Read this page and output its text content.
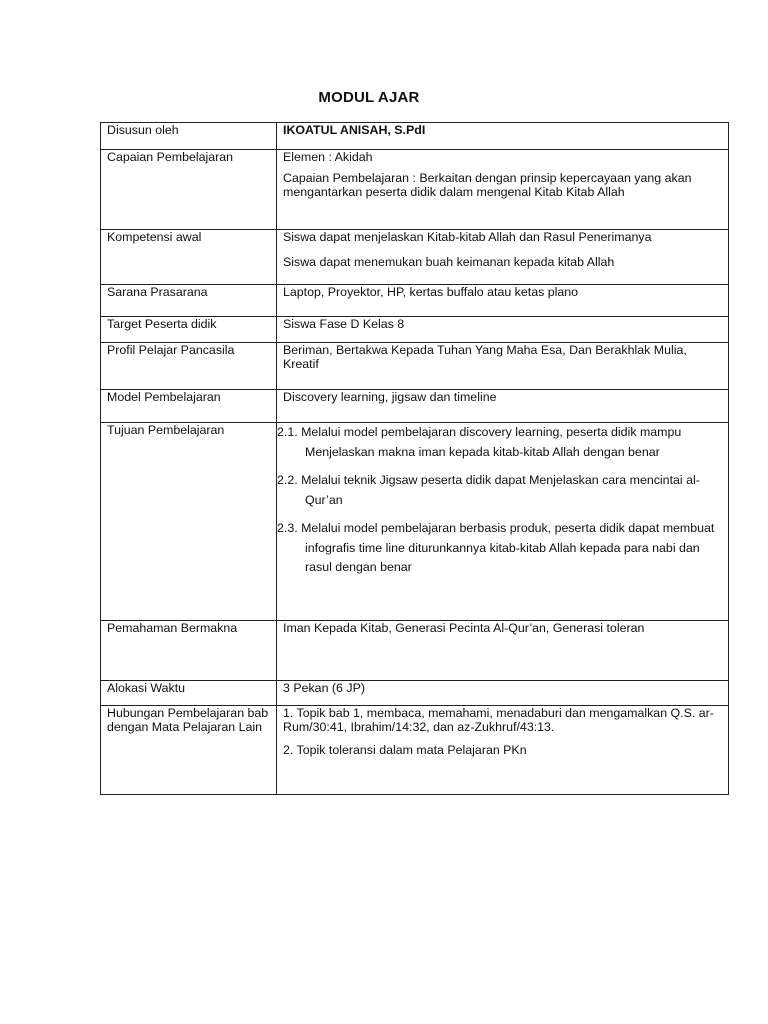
MODUL AJAR
Disusun oleh	IKOATUL ANISAH, S.PdI
Capaian Pembelajaran	Elemen : Akidah

Capaian Pembelajaran : Berkaitan dengan prinsip kepercayaan yang akan mengantarkan peserta didik dalam mengenal Kitab Kitab Allah

Kompetensi awal	Siswa dapat menjelaskan Kitab-kitab Allah dan Rasul Penerimanya

Siswa dapat menemukan buah keimanan kepada kitab Allah

Sarana Prasarana	Laptop, Proyektor, HP, kertas buffalo atau ketas plano
Target Peserta didik	Siswa Fase D Kelas 8
Profil Pelajar Pancasila	Beriman, Bertakwa Kepada Tuhan Yang Maha Esa, Dan Berakhlak Mulia, Kreatif
Model Pembelajaran	Discovery learning, jigsaw dan timeline
Tujuan Pembelajaran	2.1. Melalui model pembelajaran discovery learning, peserta didik mampu Menjelaskan makna iman kepada kitab-kitab Allah dengan benar

2.2. Melalui teknik Jigsaw peserta didik dapat Menjelaskan cara mencintai al-Qur’an

2.3. Melalui model pembelajaran berbasis produk, peserta didik dapat membuat infografis time line diturunkannya kitab-kitab Allah kepada para nabi dan rasul dengan benar

Pemahaman Bermakna	Iman Kepada Kitab, Generasi Pecinta Al-Qur’an, Generasi toleran
Alokasi Waktu	3 Pekan (6 JP)
Hubungan Pembelajaran bab dengan Mata Pelajaran Lain	1. Topik bab 1, membaca, memahami, menadaburi dan mengamalkan Q.S. ar-Rum/30:41, Ibrahim/14:32, dan az-Zukhruf/43:13.

2. Topik toleransi dalam mata Pelajaran PKn
